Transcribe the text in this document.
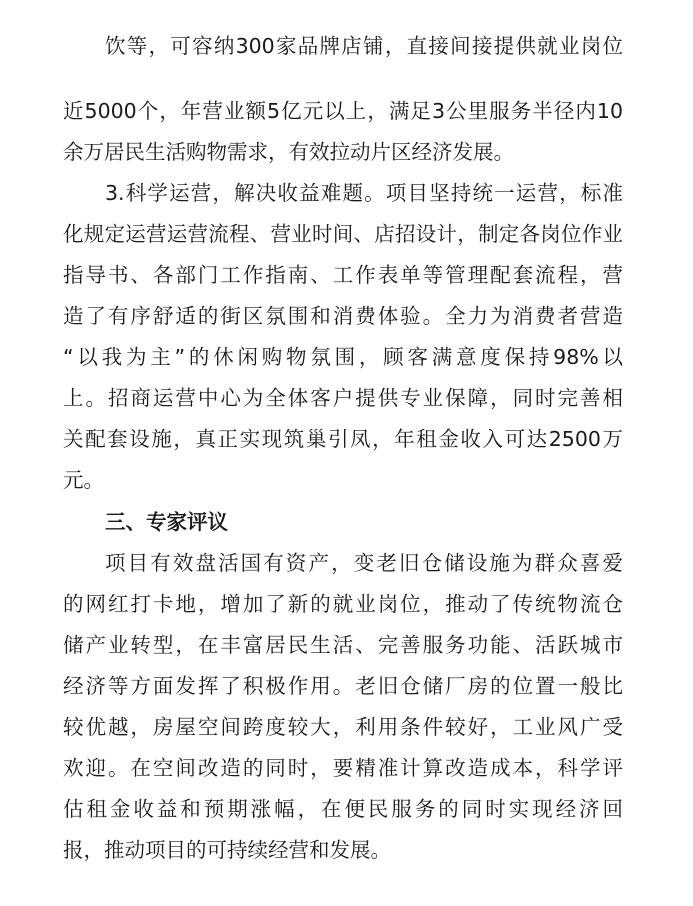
饮等，可容纳300家品牌店铺，直接间接提供就业岗位
近5000个，年营业额5亿元以上，满足3公里服务半径内10
余万居民生活购物需求，有效拉动片区经济发展。
3.科学运营，解决收益难题。项目坚持统一运营，标准
化规定运营运营流程、营业时间、店招设计，制定各岗位作业
指导书、各部门工作指南、工作表单等管理配套流程，营
造了有序舒适的街区氛围和消费体验。全力为消费者营造
“以我为主”的休闲购物氛围，顾客满意度保持98%以
上。招商运营中心为全体客户提供专业保障，同时完善相
关配套设施，真正实现筑巢引凤，年租金收入可达2500万
元。
三、专家评议
项目有效盘活国有资产，变老旧仓储设施为群众喜爱
的网红打卡地，增加了新的就业岗位，推动了传统物流仓
储产业转型，在丰富居民生活、完善服务功能、活跃城市
经济等方面发挥了积极作用。老旧仓储厂房的位置一般比
较优越，房屋空间跨度较大，利用条件较好，工业风广受
欢迎。在空间改造的同时，要精准计算改造成本，科学评
估租金收益和预期涨幅，在便民服务的同时实现经济回
报，推动项目的可持续经营和发展。
